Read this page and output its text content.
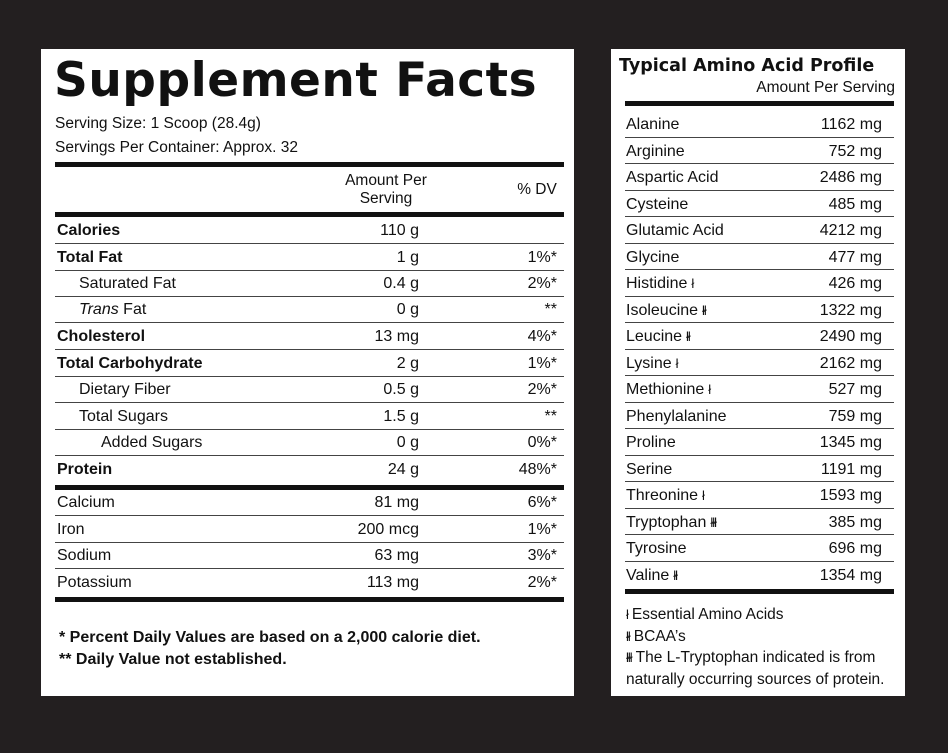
Supplement Facts
Serving Size: 1 Scoop (28.4g)
Servings Per Container: Approx. 32
Amount Per
Serving
% DV
Calories	110 g
Total Fat	1 g	1%*
Saturated Fat	0.4 g	2%*
Trans Fat	0 g	**
Cholesterol	13 mg	4%*
Total Carbohydrate	2 g	1%*
Dietary Fiber	0.5 g	2%*
Total Sugars	1.5 g	**
Added Sugars	0 g	0%*
Protein	24 g	48%*
Calcium	81 mg	6%*
Iron	200 mcg	1%*
Sodium	63 mg	3%*
Potassium	113 mg	2%*
* Percent Daily Values are based on a 2,000 calorie diet.
** Daily Value not established.
Typical Amino Acid Profile
Amount Per Serving
Alanine	1162 mg
Arginine	752 mg
Aspartic Acid	2486 mg
Cysteine	485 mg
Glutamic Acid	4212 mg
Glycine	477 mg
Histidine ł	426 mg
Isoleucine łł	1322 mg
Leucine łł	2490 mg
Lysine ł	2162 mg
Methionine ł	527 mg
Phenylalanine	759 mg
Proline	1345 mg
Serine	1191 mg
Threonine ł	1593 mg
Tryptophan łłł	385 mg
Tyrosine	696 mg
Valine łł	1354 mg
ł Essential Amino Acids
łł BCAA’s
łłł The L-Tryptophan indicated is from
naturally occurring sources of protein.
